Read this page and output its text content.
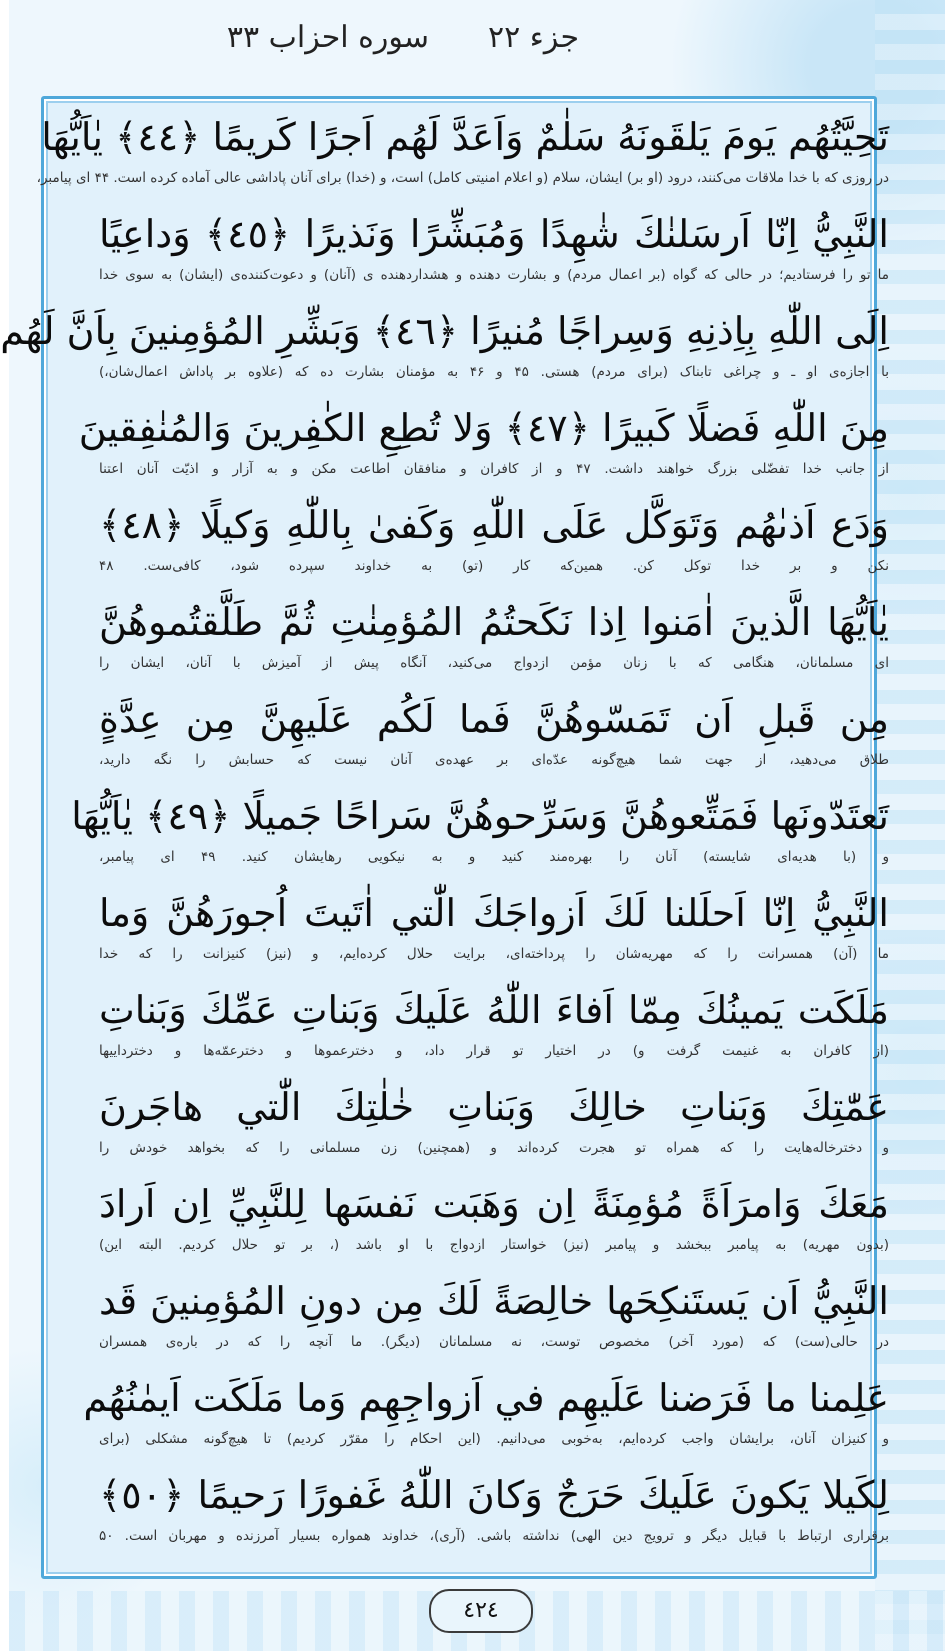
جزء ۲۲
سوره احزاب ۳۳
تَحِيَّتُهُم يَومَ يَلقَونَهُ سَلٰمٌ وَاَعَدَّ لَهُم اَجرًا كَريمًا ﴿٤٤﴾ يٰاَيُّهَا
در روزی که با خدا ملاقات می‌کنند، درود (او بر) ایشان، سلام (و اعلام امنیتی کامل) است، و (خدا) برای آنان پاداشی عالی آماده کرده است. ۴۴ ای پیامبر،
النَّبِيُّ اِنّا اَرسَلنٰكَ شٰهِدًا وَمُبَشِّرًا وَنَذيرًا ﴿٤٥﴾ وَداعِيًا
ما تو را فرستادیم؛ در حالی که گواه (بر اعمال مردم) و بشارت دهنده و هشداردهنده ی (آنان) و دعوت‌کننده‌ی (ایشان) به سوی خدا
اِلَى اللّٰهِ بِاِذنِهِ وَسِراجًا مُنيرًا ﴿٤٦﴾ وَبَشِّرِ المُؤمِنينَ بِاَنَّ لَهُم
با اجازه‌ی او ـ و چراغی تابناک (برای مردم) هستی. ۴۵ و ۴۶ به مؤمنان بشارت ده که (علاوه بر پاداش اعمال‌شان،)
مِنَ اللّٰهِ فَضلًا كَبيرًا ﴿٤٧﴾ وَلا تُطِعِ الكٰفِرينَ وَالمُنٰفِقينَ
از جانب خدا تفضّلی بزرگ خواهند داشت. ۴۷ و از کافران و منافقان اطاعت مکن و به آزار و اذیّت آنان اعتنا
وَدَع اَذىٰهُم وَتَوَكَّل عَلَى اللّٰهِ وَكَفىٰ بِاللّٰهِ وَكيلًا ﴿٤٨﴾
نکن و بر خدا توکل کن. همین‌که کار (تو) به خداوند سپرده شود، کافی‌ست. ۴۸
يٰاَيُّهَا الَّذينَ اٰمَنوا اِذا نَكَحتُمُ المُؤمِنٰتِ ثُمَّ طَلَّقتُموهُنَّ
ای مسلمانان، هنگامی که با زنان مؤمن ازدواج می‌کنید، آنگاه پیش از آمیزش با آنان، ایشان را
مِن قَبلِ اَن تَمَسّوهُنَّ فَما لَكُم عَلَيهِنَّ مِن عِدَّةٍ
طلاق می‌دهید، از جهت شما هیچ‌گونه عدّه‌ای بر عهده‌ی آنان نیست که حسابش را نگه دارید،
تَعتَدّونَها فَمَتِّعوهُنَّ وَسَرِّحوهُنَّ سَراحًا جَميلًا ﴿٤٩﴾ يٰاَيُّهَا
و (با هدیه‌ای شایسته) آنان را بهره‌مند کنید و به نیکویی رهایشان کنید. ۴۹ ای پیامبر،
النَّبِيُّ اِنّا اَحلَلنا لَكَ اَزواجَكَ الّٰتي اٰتَيتَ اُجورَهُنَّ وَما
ما (آن) همسرانت را که مهریه‌شان را پرداخته‌ای، برایت حلال کرده‌ایم، و (نیز) کنیزانت را که خدا
مَلَكَت يَمينُكَ مِمّا اَفاءَ اللّٰهُ عَلَيكَ وَبَناتِ عَمِّكَ وَبَناتِ
(از کافران به غنیمت گرفت و) در اختیار تو قرار داد، و دخترعموها و دخترعمّه‌ها و دخترداییها
عَمّٰتِكَ وَبَناتِ خالِكَ وَبَناتِ خٰلٰتِكَ الّٰتي هاجَرنَ
و دخترخاله‌هایت را که همراه تو هجرت کرده‌اند و (همچنین) زن مسلمانی را که بخواهد خودش را
مَعَكَ وَامرَاَةً مُؤمِنَةً اِن وَهَبَت نَفسَها لِلنَّبِيِّ اِن اَرادَ
(بدون مهریه) به پیامبر ببخشد و پیامبر (نیز) خواستار ازدواج با او باشد (، بر تو حلال کردیم. البته این)
النَّبِيُّ اَن يَستَنكِحَها خالِصَةً لَكَ مِن دونِ المُؤمِنينَ قَد
در حالی(ست) که (مورد آخر) مخصوص توست، نه مسلمانان (دیگر). ما آنچه را که در باره‌ی همسران
عَلِمنا ما فَرَضنا عَلَيهِم في اَزواجِهِم وَما مَلَكَت اَيمٰنُهُم
و کنیزان آنان، برایشان واجب کرده‌ایم، به‌خوبی می‌دانیم. (این احکام را مقرّر کردیم) تا هیچ‌گونه مشکلی (برای
لِكَيلا يَكونَ عَلَيكَ حَرَجٌ وَكانَ اللّٰهُ غَفورًا رَحيمًا ﴿٥٠﴾
برقراری ارتباط با قبایل دیگر و ترویج دین الهی) نداشته باشی. (آری)، خداوند همواره بسیار آمرزنده و مهربان است. ۵۰
٤٢٤
